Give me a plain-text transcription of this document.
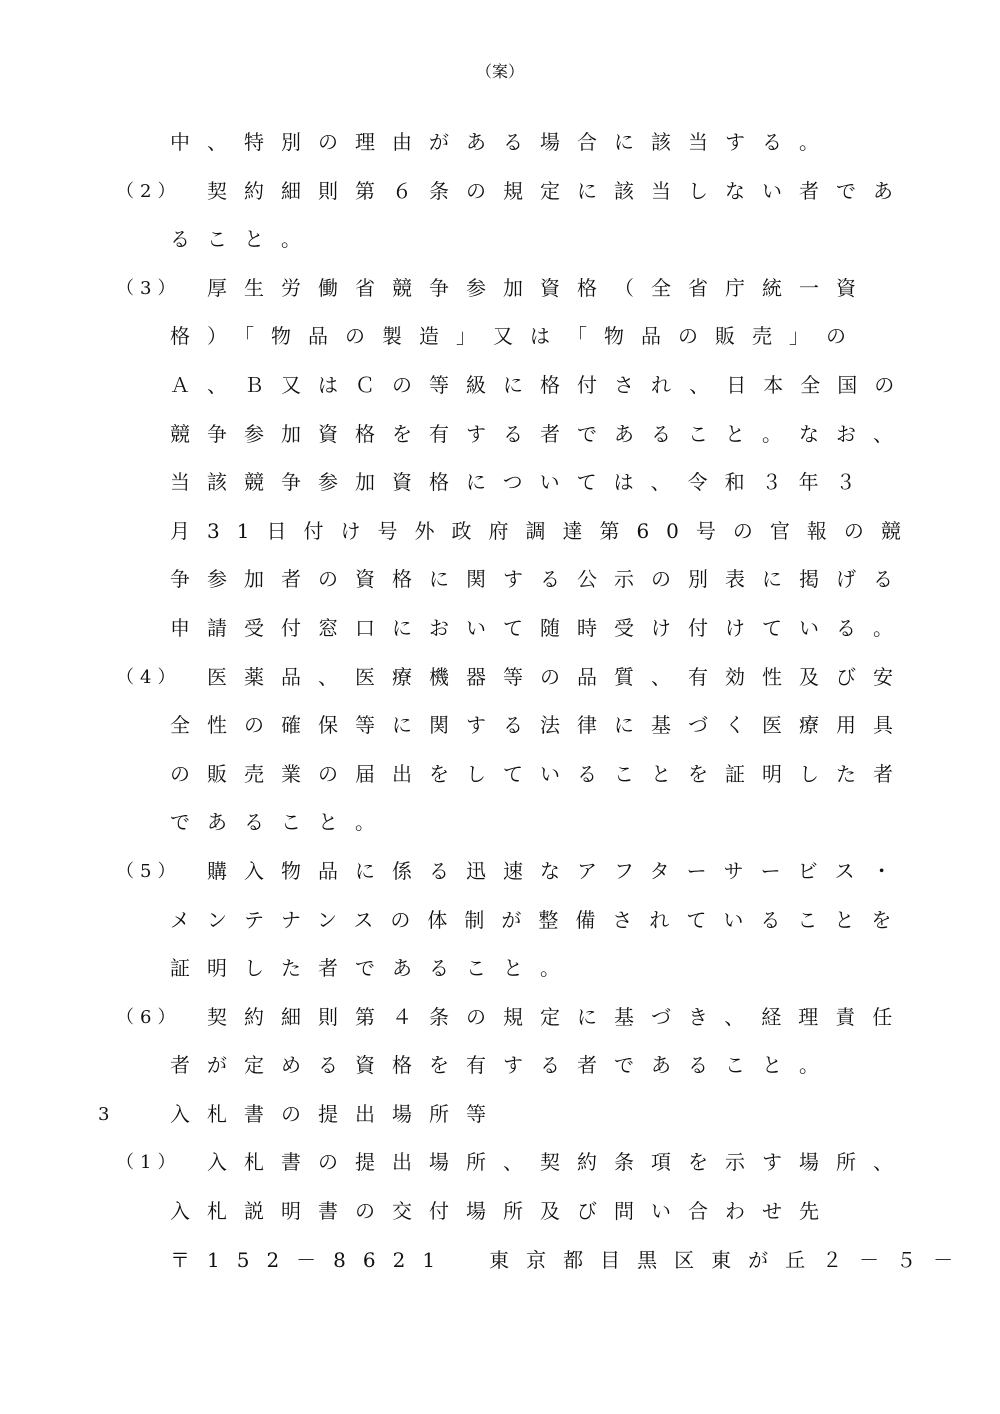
（案）
中、特別の理由がある場合に該当する。
（2） 契約細則第６条の規定に該当しない者であ
ること。
（3） 厚生労働省競争参加資格（全省庁統一資
格）「物品の製造」又は「物品の販売」の
Ａ、Ｂ又はＣの等級に格付され、日本全国の
競争参加資格を有する者であること。なお、
当該競争参加資格については、令和３年３
月31日付け号外政府調達第60号の官報の競
争参加者の資格に関する公示の別表に掲げる
申請受付窓口において随時受け付けている。
（4） 医薬品、医療機器等の品質、有効性及び安
全性の確保等に関する法律に基づく医療用具
の販売業の届出をしていることを証明した者
であること。
（5） 購入物品に係る迅速なアフターサービス・
メンテナンスの体制が整備されていることを
証明した者であること。
（6） 契約細則第４条の規定に基づき、経理責任
者が定める資格を有する者であること。
3	入札書の提出場所等
（1） 入札書の提出場所、契約条項を示す場所、
入札説明書の交付場所及び問い合わせ先
〒152－8621　東京都目黒区東が丘２－５－
